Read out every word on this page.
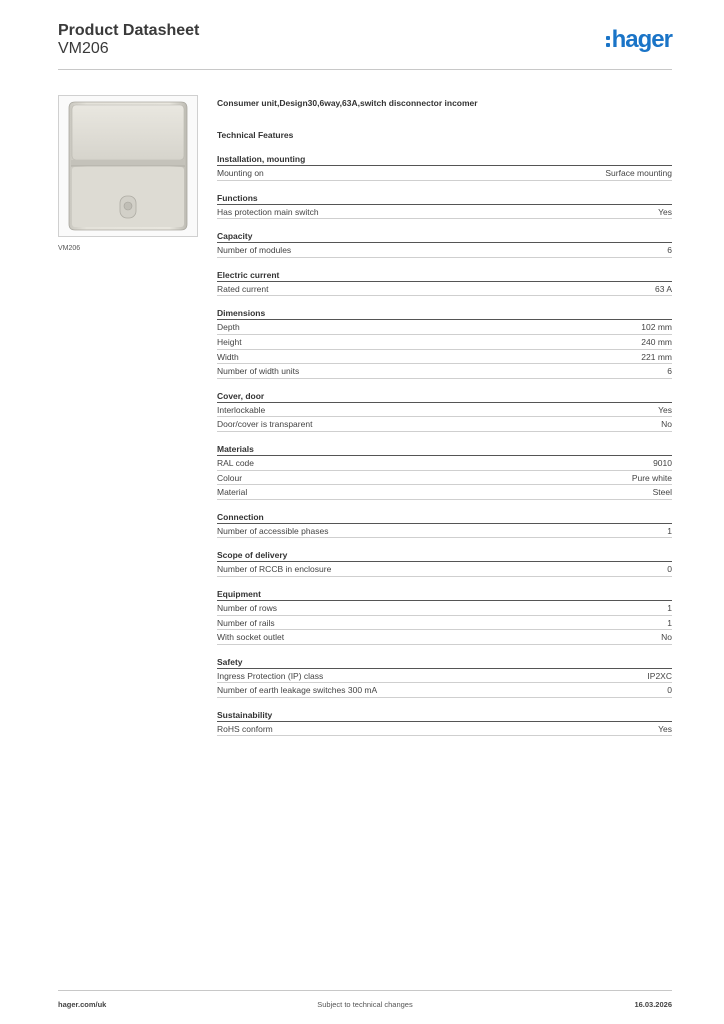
Product Datasheet
VM206	hager
VM206
Consumer unit,Design30,6way,63A,switch disconnector incomer
Technical Features
Installation, mounting
Mounting on	Surface mounting
Functions
Has protection main switch	Yes
Capacity
Number of modules	6
Electric current
Rated current	63 A
Dimensions
Depth	102 mm
Height	240 mm
Width	221 mm
Number of width units	6
Cover, door
Interlockable	Yes
Door/cover is transparent	No
Materials
RAL code	9010
Colour	Pure white
Material	Steel
Connection
Number of accessible phases	1
Scope of delivery
Number of RCCB in enclosure	0
Equipment
Number of rows	1
Number of rails	1
With socket outlet	No
Safety
Ingress Protection (IP) class	IP2XC
Number of earth leakage switches 300 mA	0
Sustainability
RoHS conform	Yes
hager.com/uk	Subject to technical changes	16.03.2026
